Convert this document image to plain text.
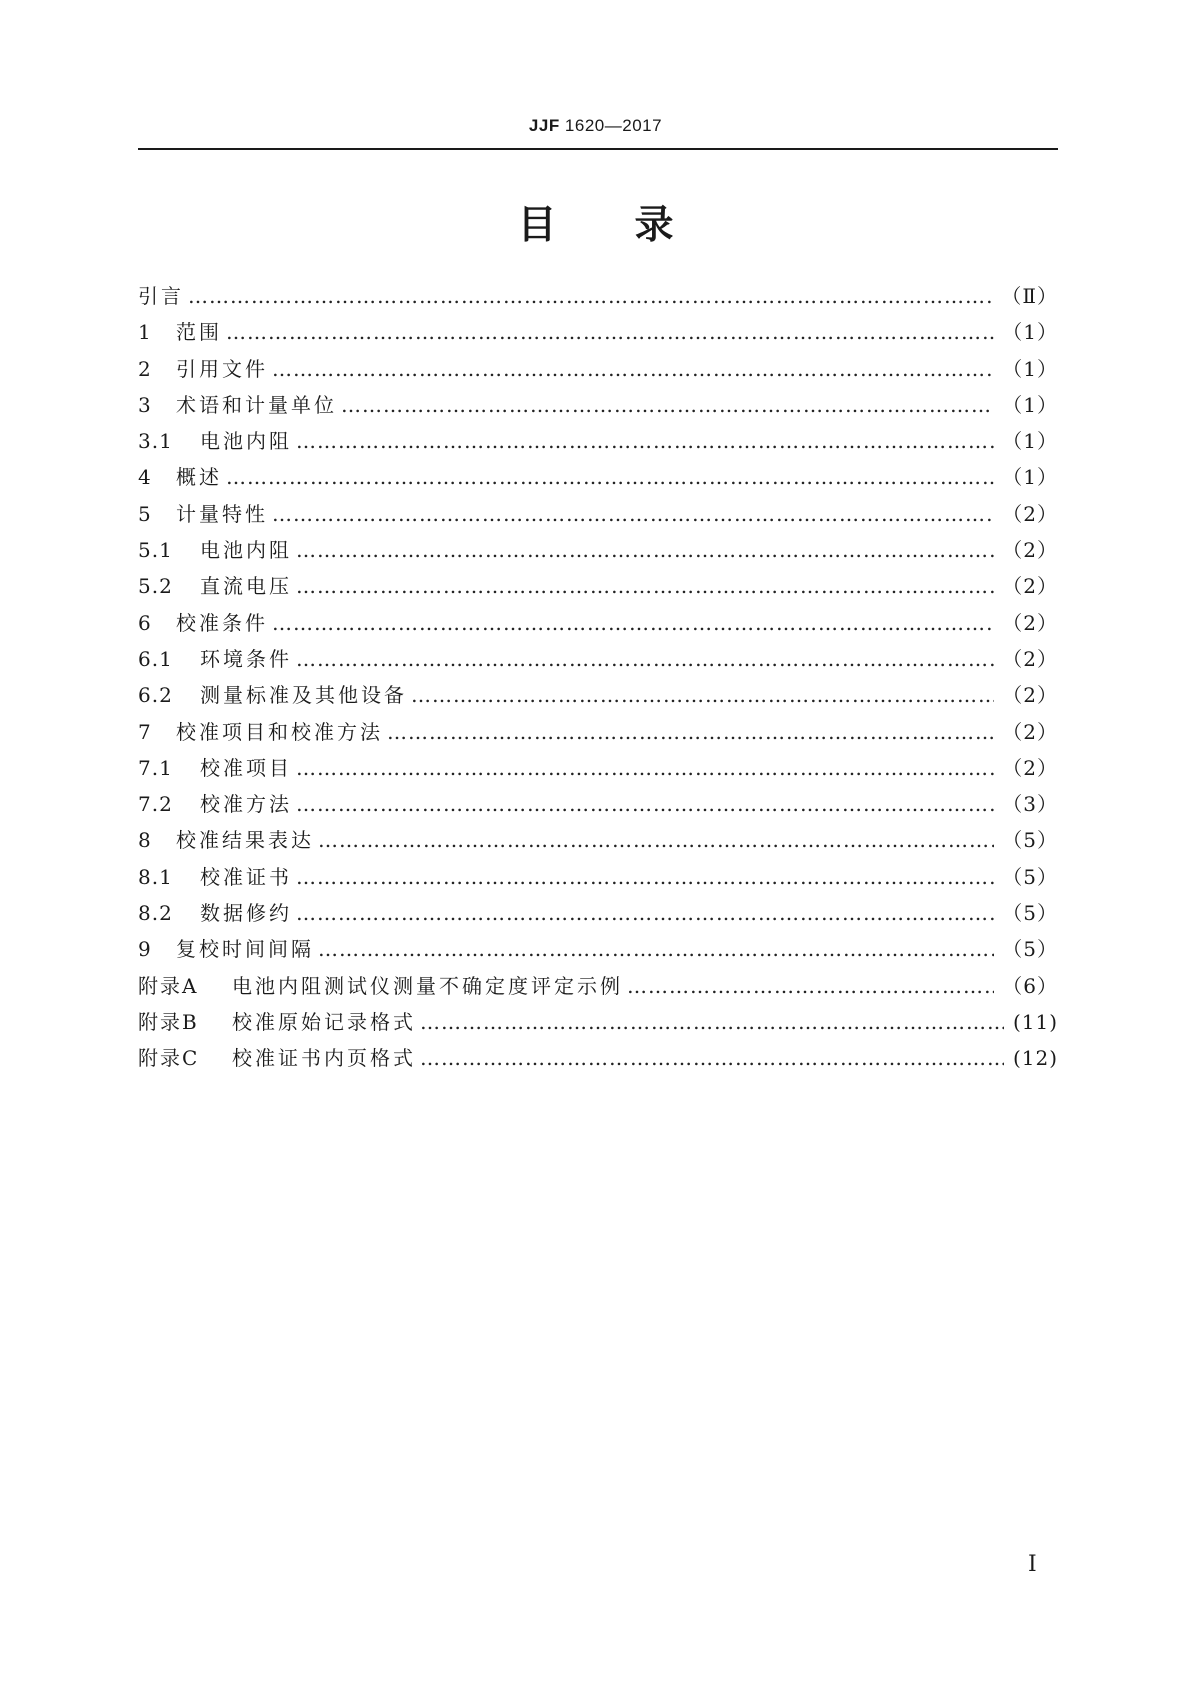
JJF 1620—2017
目录
引言 ……………………………………………………………………………………………………………………………………………………………………………………	（Ⅱ）
1	范围 ……………………………………………………………………………………………………………………………………………………………………………………	（1）
2	引用文件 ……………………………………………………………………………………………………………………………………………………………………………………	（1）
3	术语和计量单位 ……………………………………………………………………………………………………………………………………………………………………………………	（1）
3.1	电池内阻 ……………………………………………………………………………………………………………………………………………………………………………………	（1）
4	概述 ……………………………………………………………………………………………………………………………………………………………………………………	（1）
5	计量特性 ……………………………………………………………………………………………………………………………………………………………………………………	（2）
5.1	电池内阻 ……………………………………………………………………………………………………………………………………………………………………………………	（2）
5.2	直流电压 ……………………………………………………………………………………………………………………………………………………………………………………	（2）
6	校准条件 ……………………………………………………………………………………………………………………………………………………………………………………	（2）
6.1	环境条件 ……………………………………………………………………………………………………………………………………………………………………………………	（2）
6.2	测量标准及其他设备 ……………………………………………………………………………………………………………………………………………………………………………………	（2）
7	校准项目和校准方法 ……………………………………………………………………………………………………………………………………………………………………………………	（2）
7.1	校准项目 ……………………………………………………………………………………………………………………………………………………………………………………	（2）
7.2	校准方法 ……………………………………………………………………………………………………………………………………………………………………………………	（3）
8	校准结果表达 ……………………………………………………………………………………………………………………………………………………………………………………	（5）
8.1	校准证书 ……………………………………………………………………………………………………………………………………………………………………………………	（5）
8.2	数据修约 ……………………………………………………………………………………………………………………………………………………………………………………	（5）
9	复校时间间隔 ……………………………………………………………………………………………………………………………………………………………………………………	（5）
附录A	电池内阻测试仪测量不确定度评定示例 ……………………………………………………………………………………………………………………………………………………………………………………	（6）
附录B	校准原始记录格式 ……………………………………………………………………………………………………………………………………………………………………………………	(11)
附录C	校准证书内页格式 ……………………………………………………………………………………………………………………………………………………………………………………	(12)
I
